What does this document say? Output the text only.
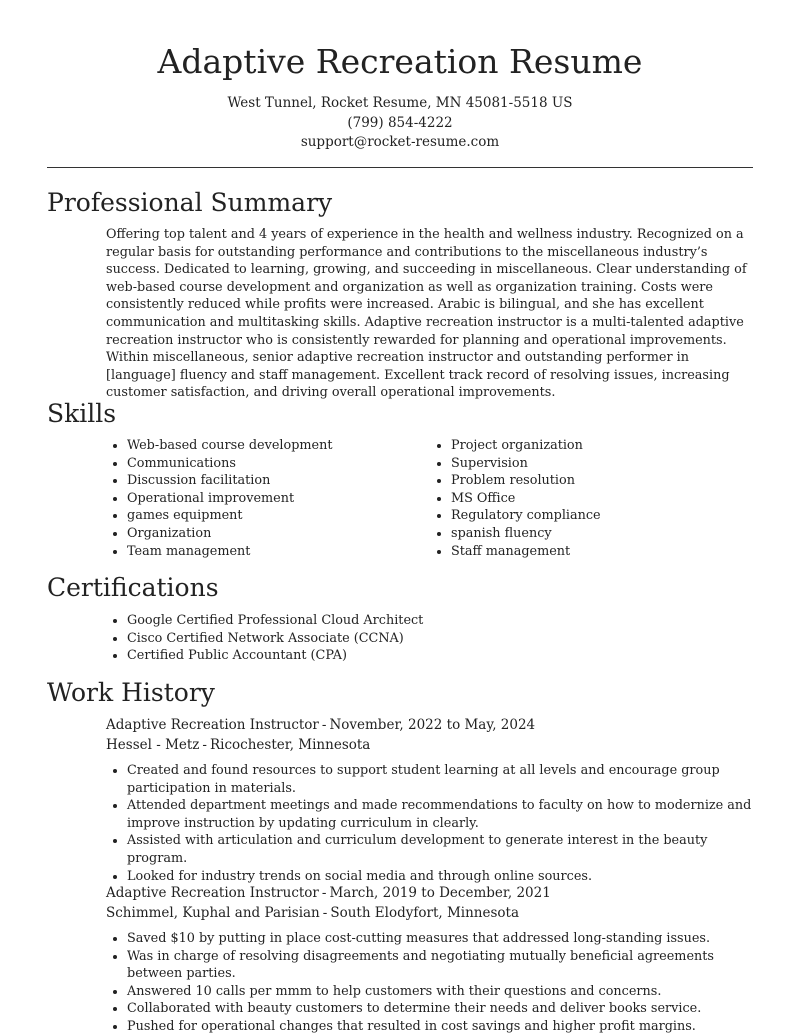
Adaptive Recreation Resume
West Tunnel, Rocket Resume, MN 45081-5518 US
(799) 854-4222
support@rocket-resume.com
Professional Summary

Offering top talent and 4 years of experience in the health and wellness industry. Recognized on a regular basis for outstanding performance and contributions to the miscellaneous industry’s success. Dedicated to learning, growing, and succeeding in miscellaneous. Clear understanding of web-based course development and organization as well as organization training. Costs were consistently reduced while profits were increased. Arabic is bilingual, and she has excellent communication and multitasking skills. Adaptive recreation instructor is a multi-talented adaptive recreation instructor who is consistently rewarded for planning and operational improvements. Within miscellaneous, senior adaptive recreation instructor and outstanding performer in [language] fluency and staff management. Excellent track record of resolving issues, increasing customer satisfaction, and driving overall operational improvements.

Skills
• Web-based course development
• Communications
• Discussion facilitation
• Operational improvement
• games equipment
• Organization
• Team management
• Project organization
• Supervision
• Problem resolution
• MS Office
• Regulatory compliance
• spanish fluency
• Staff management
Certifications
• Google Certified Professional Cloud Architect
• Cisco Certified Network Associate (CCNA)
• Certified Public Accountant (CPA)
Work History
Adaptive Recreation Instructor - November, 2022 to May, 2024
Hessel - Metz - Ricochester, Minnesota
• Created and found resources to support student learning at all levels and encourage group participation in materials.
• Attended department meetings and made recommendations to faculty on how to modernize and improve instruction by updating curriculum in clearly.
• Assisted with articulation and curriculum development to generate interest in the beauty program.
• Looked for industry trends on social media and through online sources.
Adaptive Recreation Instructor - March, 2019 to December, 2021
Schimmel, Kuphal and Parisian - South Elodyfort, Minnesota
• Saved $10 by putting in place cost-cutting measures that addressed long-standing issues.
• Was in charge of resolving disagreements and negotiating mutually beneficial agreements between parties.
• Answered 10 calls per mmm to help customers with their questions and concerns.
• Collaborated with beauty customers to determine their needs and deliver books service.
• Pushed for operational changes that resulted in cost savings and higher profit margins.
